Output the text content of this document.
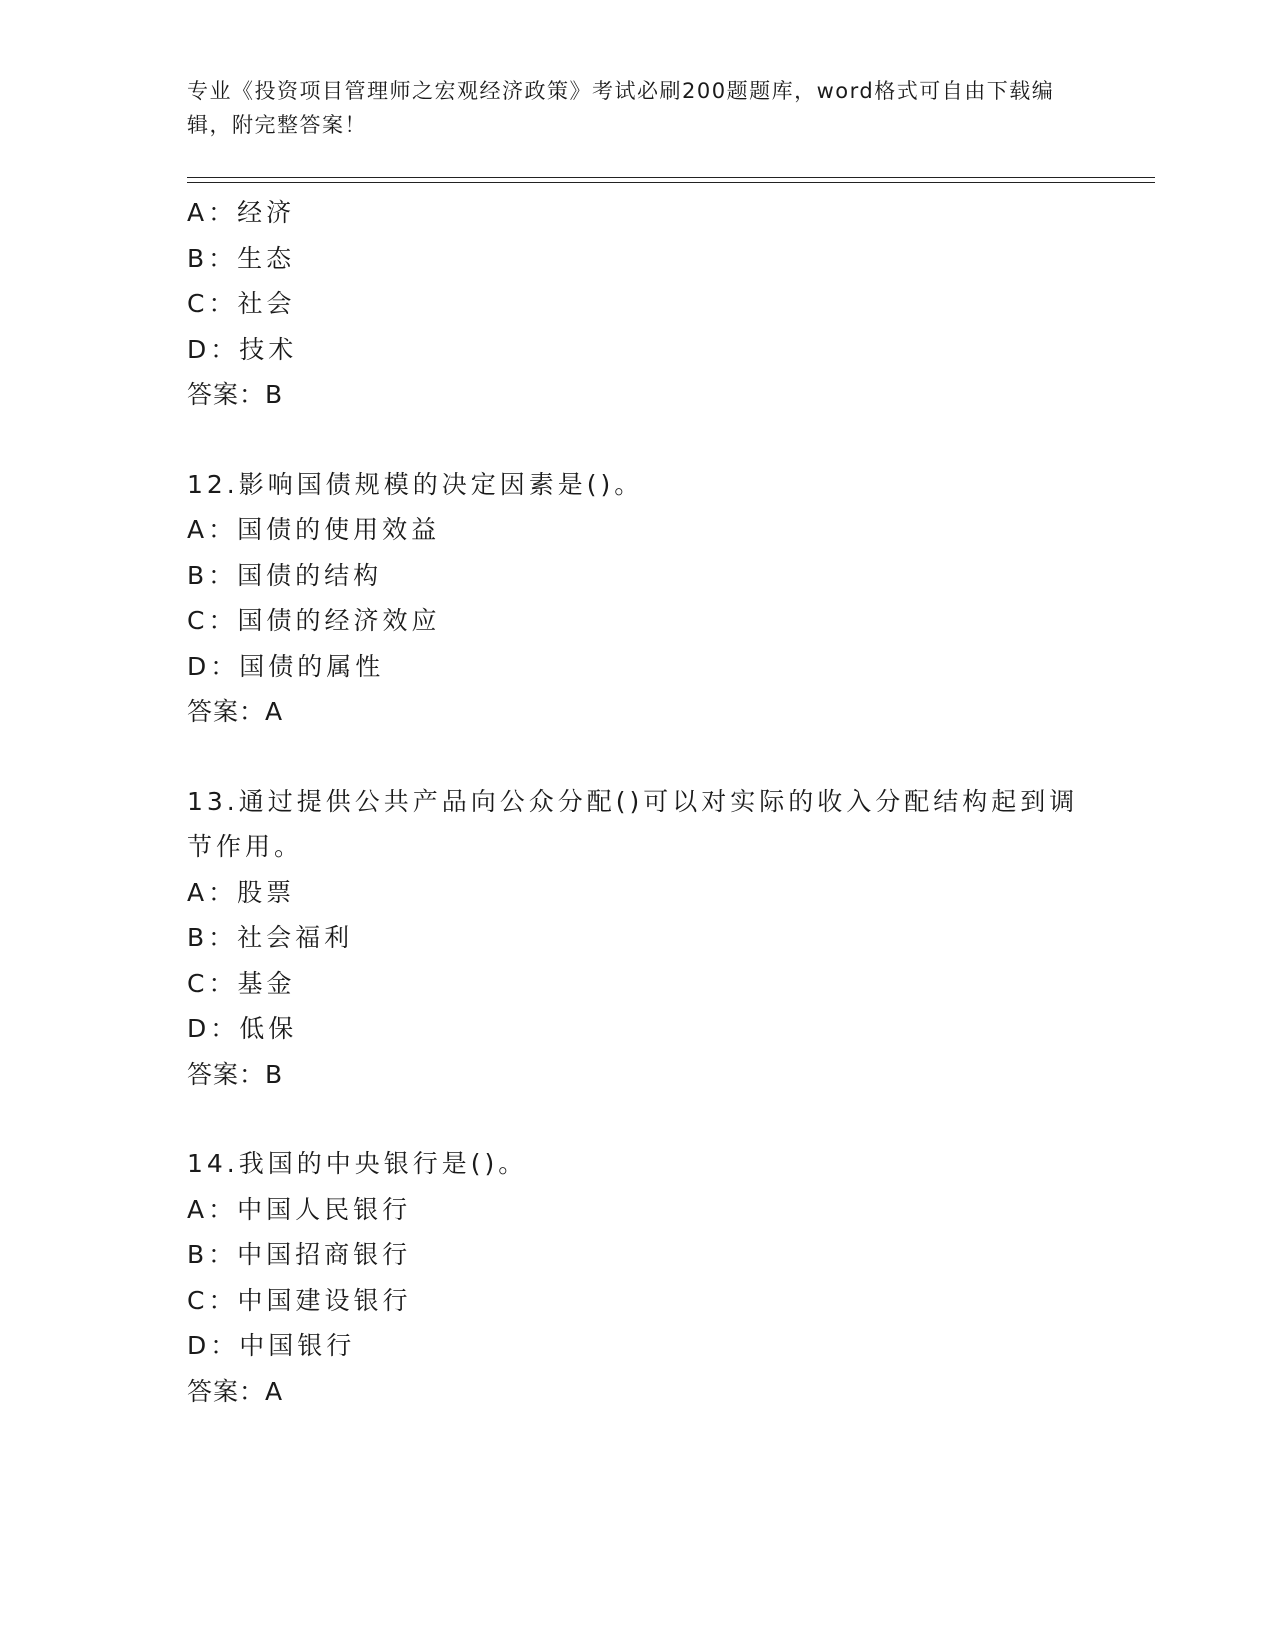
专业《投资项目管理师之宏观经济政策》考试必刷200题题库，word格式可自由下载编辑，附完整答案！
A：经济
B：生态
C：社会
D：技术
答案：B
12.影响国债规模的决定因素是()。
A：国债的使用效益
B：国债的结构
C：国债的经济效应
D：国债的属性
答案：A
13.通过提供公共产品向公众分配()可以对实际的收入分配结构起到调节作用。
A：股票
B：社会福利
C：基金
D：低保
答案：B
14.我国的中央银行是()。
A：中国人民银行
B：中国招商银行
C：中国建设银行
D：中国银行
答案：A
